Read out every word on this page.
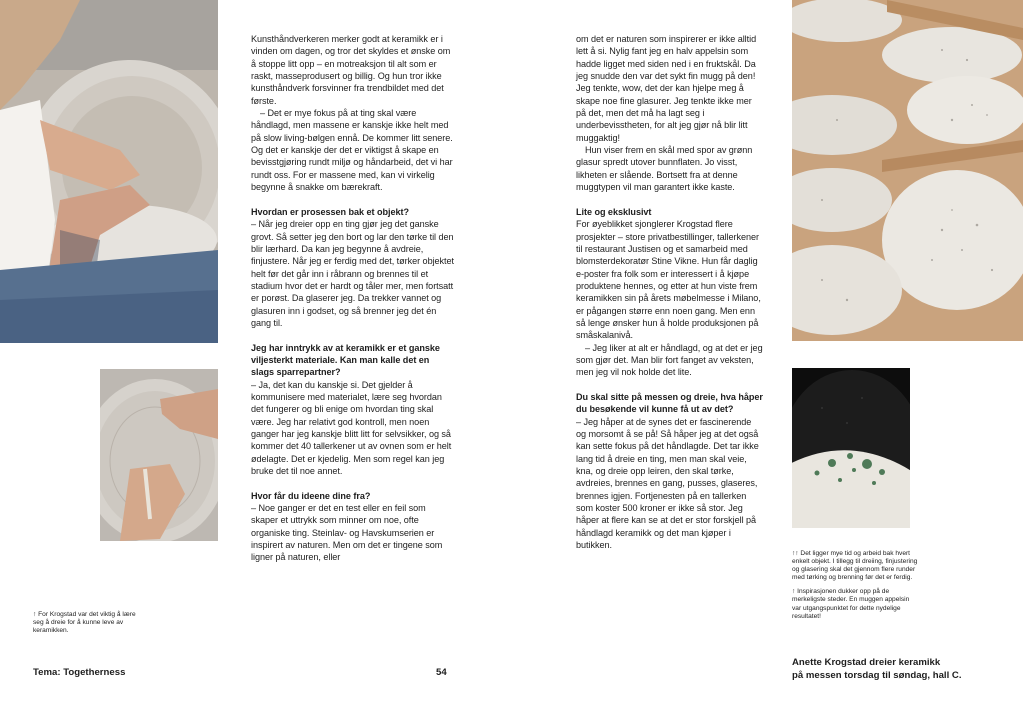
Kunsthåndverkeren merker godt at keramikk er i vinden om dagen, og tror det skyldes et ønske om å stoppe litt opp – en motreaksjon til alt som er raskt, masseprodusert og billig. Og hun tror ikke kunsthåndverk forsvinner fra trendbildet med det første.

– Det er mye fokus på at ting skal være håndlagd, men massene er kanskje ikke helt med på slow living-bølgen ennå. De kommer litt senere. Og det er kanskje der det er viktigst å skape en bevisstgjøring rundt miljø og håndarbeid, det vi har rundt oss. For er massene med, kan vi virkelig begynne å snakke om bærekraft.

Hvordan er prosessen bak et objekt?

– Når jeg dreier opp en ting gjør jeg det ganske grovt. Så setter jeg den bort og lar den tørke til den blir lærhard. Da kan jeg begynne å avdreie, finjustere. Når jeg er ferdig med det, tørker objektet helt før det går inn i råbrann og brennes til et stadium hvor det er hardt og tåler mer, men fortsatt er porøst. Da glaserer jeg. Da trekker vannet og glasuren inn i godset, og så brenner jeg det én gang til.

Jeg har inntrykk av at keramikk er et ganske viljesterkt materiale. Kan man kalle det en slags sparrepartner?

– Ja, det kan du kanskje si. Det gjelder å kommunisere med materialet, lære seg hvordan det fungerer og bli enige om hvordan ting skal være. Jeg har relativt god kontroll, men noen ganger har jeg kanskje blitt litt for selvsikker, og så kommer det 40 tallerkener ut av ovnen som er helt ødelagte. Det er kjedelig. Men som regel kan jeg bruke det til noe annet.

Hvor får du ideene dine fra?

– Noe ganger er det en test eller en feil som skaper et uttrykk som minner om noe, ofte organiske ting. Steinlav- og Havskumserien er inspirert av naturen. Men om det er tingene som ligner på naturen, eller

om det er naturen som inspirerer er ikke alltid lett å si. Nylig fant jeg en halv appelsin som hadde ligget med siden ned i en fruktskål. Da jeg snudde den var det sykt fin mugg på den! Jeg tenkte, wow, det der kan hjelpe meg å skape noe fine glasurer. Jeg tenkte ikke mer på det, men det må ha lagt seg i underbevisstheten, for alt jeg gjør nå blir litt muggaktig!

Hun viser frem en skål med spor av grønn glasur spredt utover bunnflaten. Jo visst, likheten er slående. Bortsett fra at denne muggtypen vil man garantert ikke kaste.

Lite og eksklusivt

For øyeblikket sjonglerer Krogstad flere prosjekter – store privatbestillinger, tallerkener til restaurant Justisen og et samarbeid med blomsterdekoratør Stine Vikne. Hun får daglig e-poster fra folk som er interessert i å kjøpe produktene hennes, og etter at hun viste frem keramikken sin på årets møbelmesse i Milano, er pågangen større enn noen gang. Men enn så lenge ønsker hun å holde produksjonen på småskalanivå.

– Jeg liker at alt er håndlagd, og at det er jeg som gjør det. Man blir fort fanget av veksten, men jeg vil nok holde det lite.

Du skal sitte på messen og dreie, hva håper du besøkende vil kunne få ut av det?

– Jeg håper at de synes det er fascinerende og morsomt å se på! Så håper jeg at det også kan sette fokus på det håndlagde. Det tar ikke lang tid å dreie en ting, men man skal veie, kna, og dreie opp leiren, den skal tørke, avdreies, brennes en gang, pusses, glaseres, brennes igjen. Fortjenesten på en tallerken som koster 500 kroner er ikke så stor. Jeg håper at flere kan se at det er stor forskjell på håndlagd keramikk og det man kjøper i butikken.

↑ For Krogstad var det viktig å lære seg å dreie for å kunne leve av keramikken.

↑↑ Det ligger mye tid og arbeid bak hvert enkelt objekt. I tillegg til dreiing, finjustering og glasering skal det gjennom flere runder med tørking og brenning før det er ferdig.

↑ Inspirasjonen dukker opp på de merkeligste steder. En muggen appelsin var utgangspunktet for dette nydelige resultatet!

Tema: Togetherness	54
Anette Krogstad dreier keramikk
på messen torsdag til søndag, hall C.
